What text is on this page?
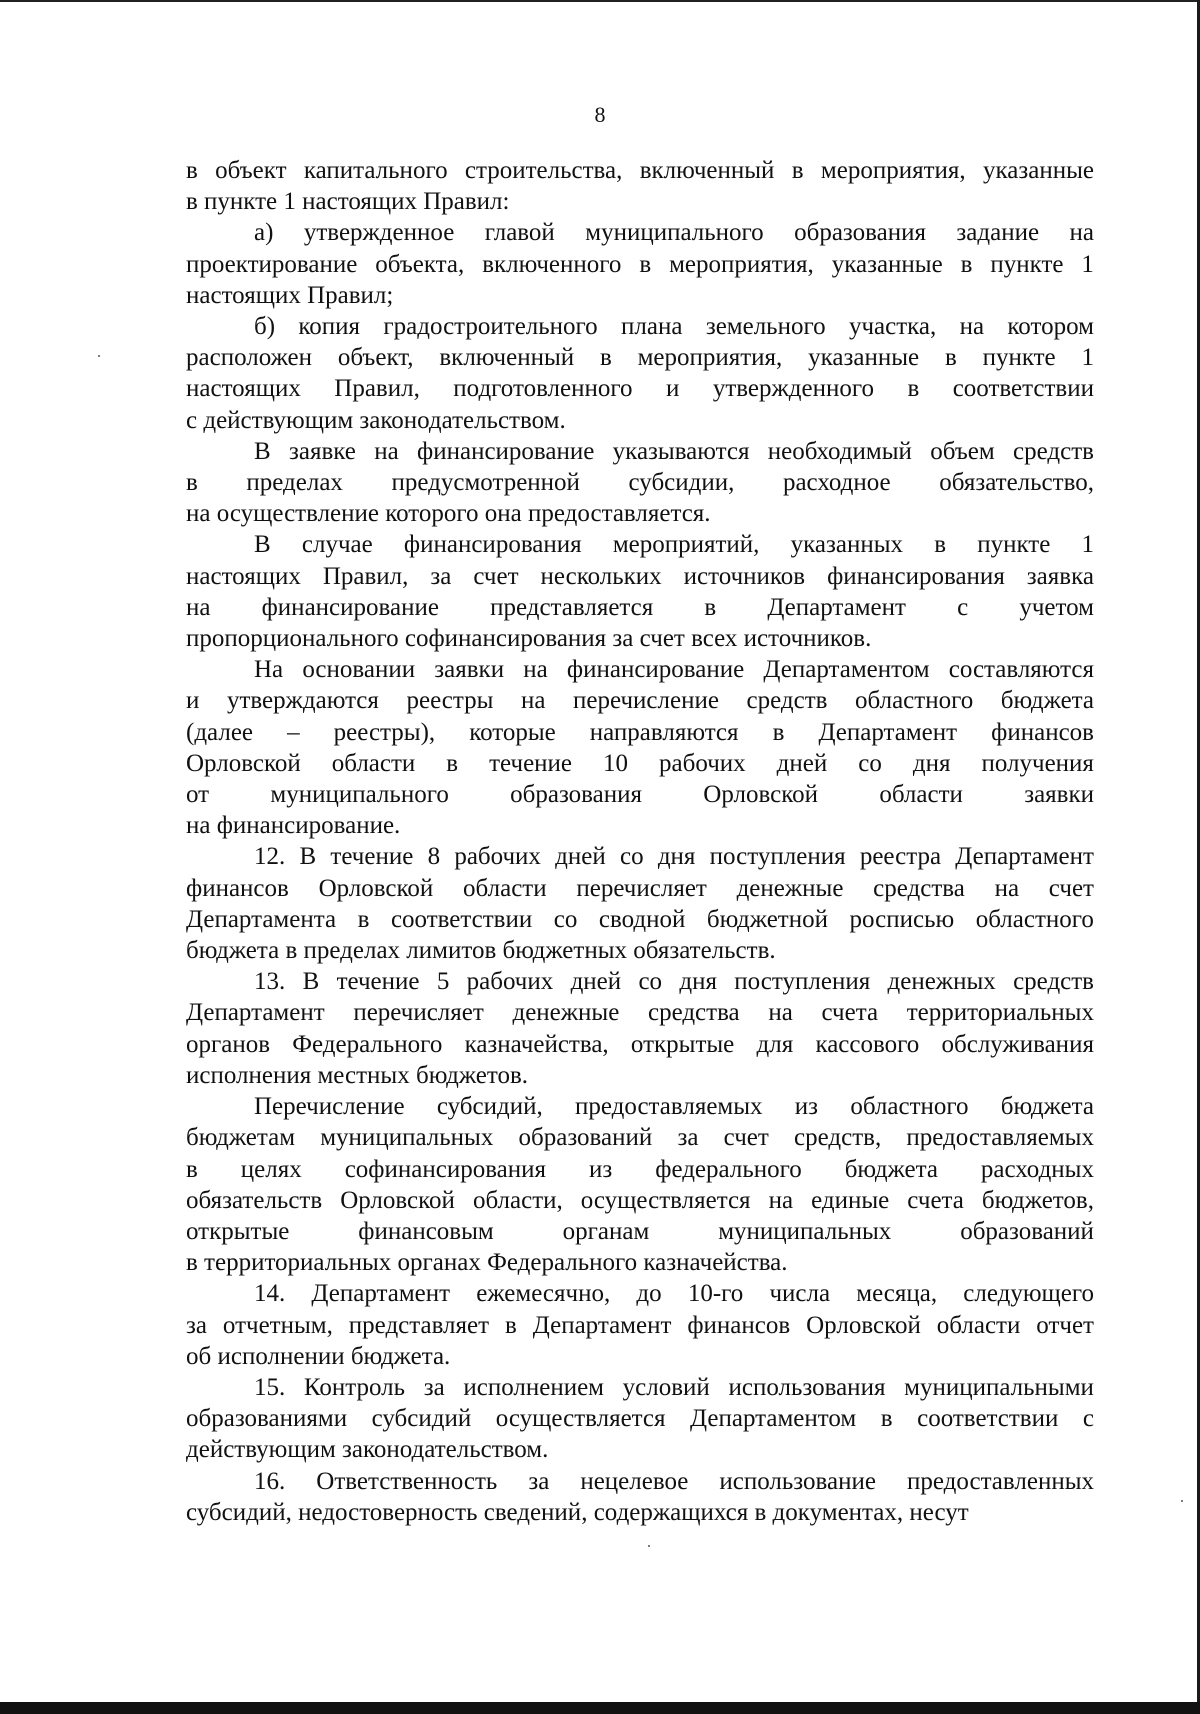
8
в объект капитального строительства, включенный в мероприятия, указанные
в пункте 1 настоящих Правил:
а) утвержденное главой муниципального образования задание на
проектирование объекта, включенного в мероприятия, указанные в пункте 1
настоящих Правил;
б) копия градостроительного плана земельного участка, на котором
расположен объект, включенный в мероприятия, указанные в пункте 1
настоящих Правил, подготовленного и утвержденного в соответствии
с действующим законодательством.
В заявке на финансирование указываются необходимый объем средств
в пределах предусмотренной субсидии, расходное обязательство,
на осуществление которого она предоставляется.
В случае финансирования мероприятий, указанных в пункте 1
настоящих Правил, за счет нескольких источников финансирования заявка
на финансирование представляется в Департамент с учетом
пропорционального софинансирования за счет всех источников.
На основании заявки на финансирование Департаментом составляются
и утверждаются реестры на перечисление средств областного бюджета
(далее – реестры), которые направляются в Департамент финансов
Орловской области в течение 10 рабочих дней со дня получения
от муниципального образования Орловской области заявки
на финансирование.
12. В течение 8 рабочих дней со дня поступления реестра Департамент
финансов Орловской области перечисляет денежные средства на счет
Департамента в соответствии со сводной бюджетной росписью областного
бюджета в пределах лимитов бюджетных обязательств.
13. В течение 5 рабочих дней со дня поступления денежных средств
Департамент перечисляет денежные средства на счета территориальных
органов Федерального казначейства, открытые для кассового обслуживания
исполнения местных бюджетов.
Перечисление субсидий, предоставляемых из областного бюджета
бюджетам муниципальных образований за счет средств, предоставляемых
в целях софинансирования из федерального бюджета расходных
обязательств Орловской области, осуществляется на единые счета бюджетов,
открытые	финансовым	органам	муниципальных	образований
в территориальных органах Федерального казначейства.
14. Департамент ежемесячно, до 10-го числа месяца, следующего
за отчетным, представляет в Департамент финансов Орловской области отчет
об исполнении бюджета.
15. Контроль за исполнением условий использования муниципальными
образованиями субсидий осуществляется Департаментом в соответствии с
действующим законодательством.
16. Ответственность за нецелевое использование предоставленных
субсидий, недостоверность сведений, содержащихся в документах, несут
